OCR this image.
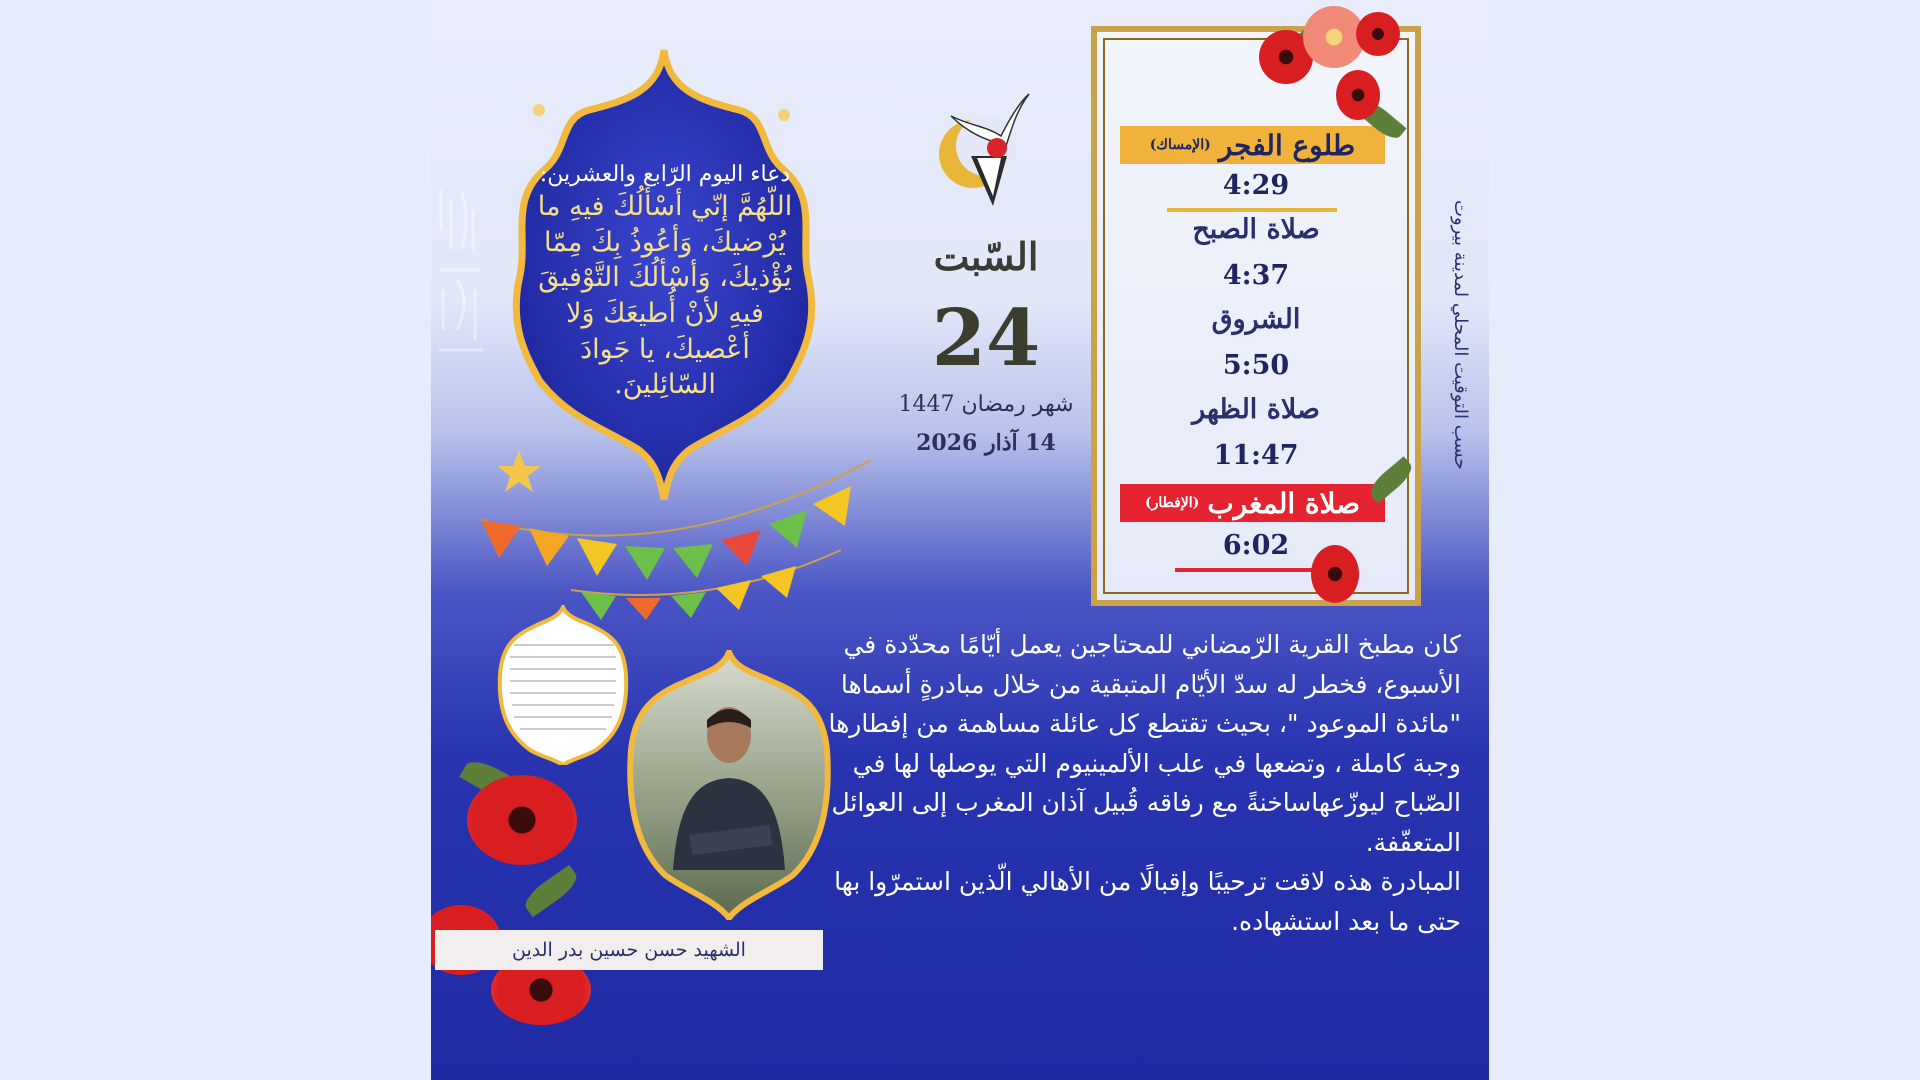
دعاء اليوم الرّابع والعشرين:
اللّهُمَّ إنّي أسْألُكَ فيهِ ما يُرْضيكَ، وَأعُوذُ بِكَ مِمّا يُؤْذيكَ، وَأسْألُكَ التَّوْفيقَ فيهِ لأنْ أُطيعَكَ وَلا أعْصيكَ، يا جَوادَ السّائِلينَ.
السّبت
24
شهر رمضان 1447
14 آذار 2026
طلوع الفجر
(الإمساك)
4:29
صلاة الصبح
4:37
الشروق
5:50
صلاة الظهر
11:47
صلاة المغرب
(الإفطار)
6:02
حسب التوقيت المحلي لمدينة بيروت

كان مطبخ القرية الرّمضاني للمحتاجين يعمل أيّامًا محدّدة في الأسبوع، فخطر له سدّ الأيّام المتبقية من خلال مبادرةٍ أسماها "مائدة الموعود "، بحيث تقتطع كل عائلة مساهمة من إفطارها وجبة كاملة ، وتضعها في علب الألمينيوم التي يوصلها لها في الصّباح ليوزّعهاساخنةً مع رفاقه قُبيل آذان المغرب إلى العوائل المتعفّفة.

المبادرة هذه لاقت ترحيبًا وإقبالًا من الأهالي الّذين استمرّوا بها حتى ما بعد استشهاده.

الشهيد حسن حسين بدر الدين
